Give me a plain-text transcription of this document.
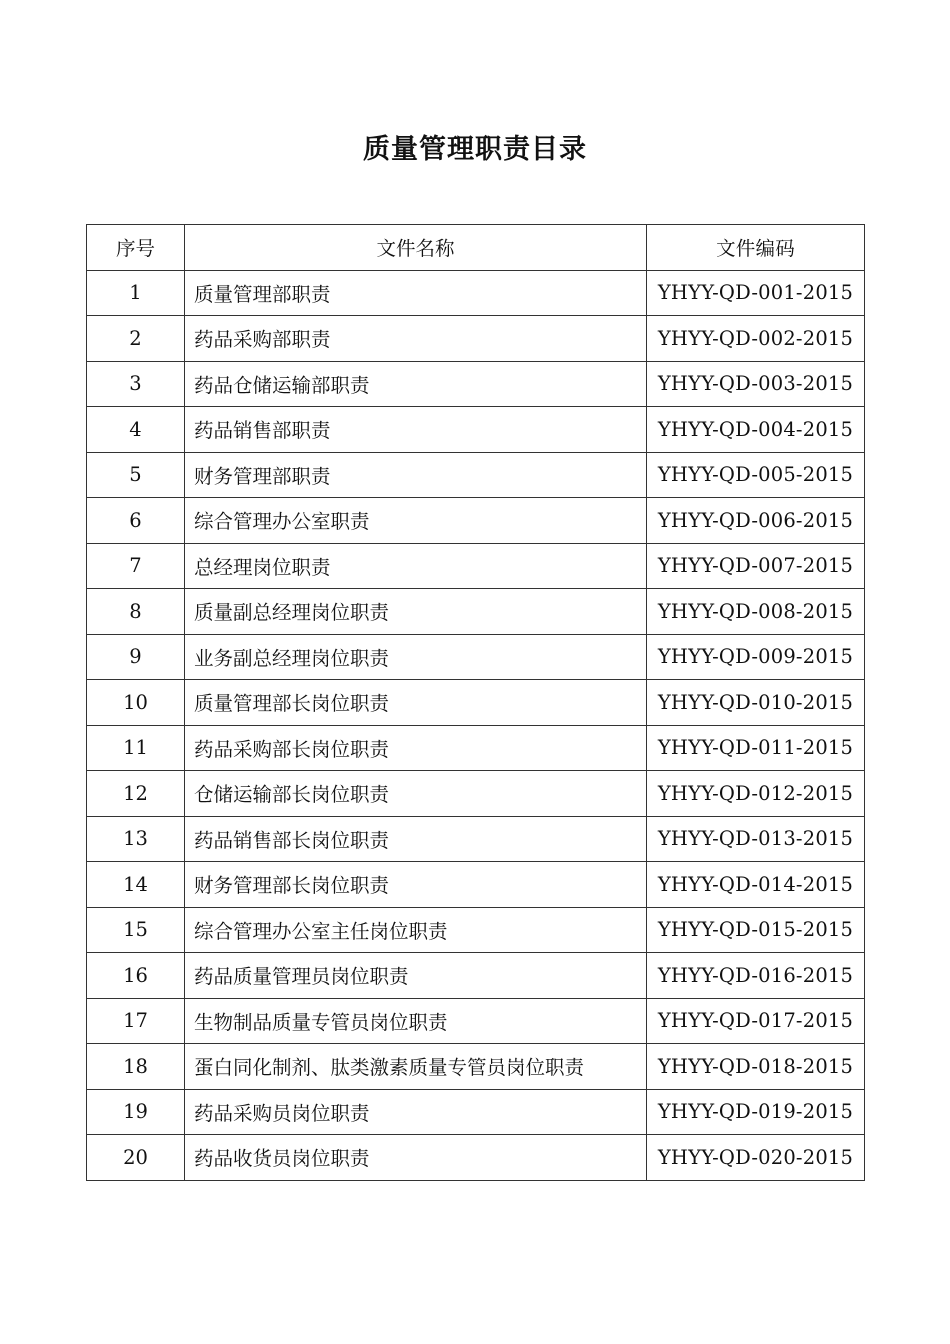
质量管理职责目录
序号	文件名称	文件编码
1	质量管理部职责	YHYY-QD-001-2015
2	药品采购部职责	YHYY-QD-002-2015
3	药品仓储运输部职责	YHYY-QD-003-2015
4	药品销售部职责	YHYY-QD-004-2015
5	财务管理部职责	YHYY-QD-005-2015
6	综合管理办公室职责	YHYY-QD-006-2015
7	总经理岗位职责	YHYY-QD-007-2015
8	质量副总经理岗位职责	YHYY-QD-008-2015
9	业务副总经理岗位职责	YHYY-QD-009-2015
10	质量管理部长岗位职责	YHYY-QD-010-2015
11	药品采购部长岗位职责	YHYY-QD-011-2015
12	仓储运输部长岗位职责	YHYY-QD-012-2015
13	药品销售部长岗位职责	YHYY-QD-013-2015
14	财务管理部长岗位职责	YHYY-QD-014-2015
15	综合管理办公室主任岗位职责	YHYY-QD-015-2015
16	药品质量管理员岗位职责	YHYY-QD-016-2015
17	生物制品质量专管员岗位职责	YHYY-QD-017-2015
18	蛋白同化制剂、肽类激素质量专管员岗位职责	YHYY-QD-018-2015
19	药品采购员岗位职责	YHYY-QD-019-2015
20	药品收货员岗位职责	YHYY-QD-020-2015
